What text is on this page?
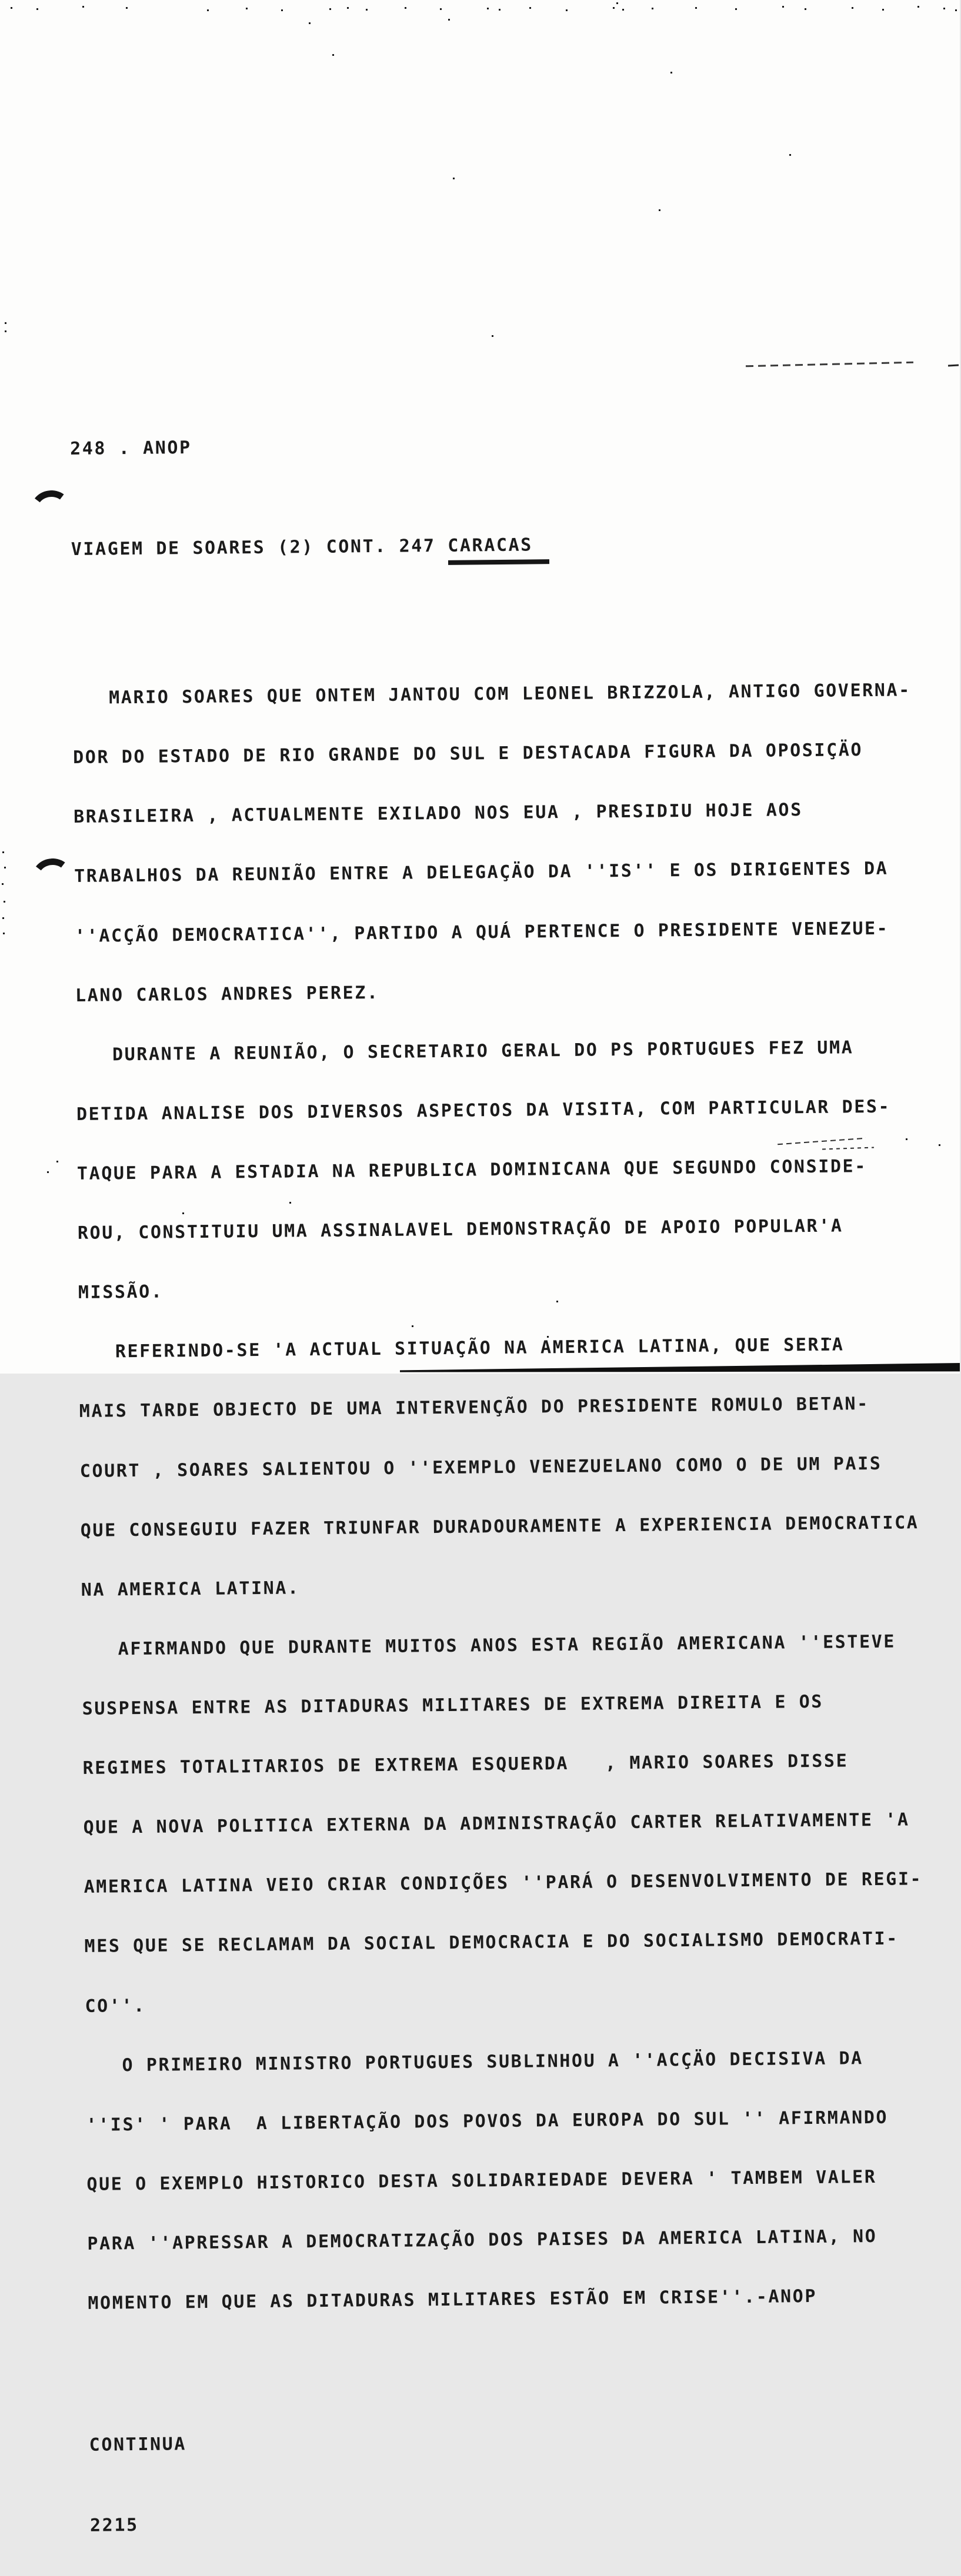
248 . ANOP

VIAGEM DE SOARES (2) CONT. 247 CARACAS

MARIO SOARES QUE ONTEM JANTOU COM LEONEL BRIZZOLA, ANTIGO GOVERNA-

DOR DO ESTADO DE RIO GRANDE DO SUL E DESTACADA FIGURA DA OPOSIÇÄO

BRASILEIRA , ACTUALMENTE EXILADO NOS EUA , PRESIDIU HOJE AOS

TRABALHOS DA REUNIÃO ENTRE A DELEGAÇÄO DA ''IS'' E OS DIRIGENTES DA

''ACÇÃO DEMOCRATICA'', PARTIDO A QUÁ PERTENCE O PRESIDENTE VENEZUE-

LANO CARLOS ANDRES PEREZ.

DURANTE A REUNIÃO, O SECRETARIO GERAL DO PS PORTUGUES FEZ UMA

DETIDA ANALISE DOS DIVERSOS ASPECTOS DA VISITA, COM PARTICULAR DES-

TAQUE PARA A ESTADIA NA REPUBLICA DOMINICANA QUE SEGUNDO CONSIDE-

ROU, CONSTITUIU UMA ASSINALAVEL DEMONSTRAÇÃO DE APOIO POPULAR'A

MISSÃO.

REFERINDO-SE 'A ACTUAL SITUAÇÃO NA AMERICA LATINA, QUE SERIA

MAIS TARDE OBJECTO DE UMA INTERVENÇÃO DO PRESIDENTE ROMULO BETAN-

COURT , SOARES SALIENTOU O ''EXEMPLO VENEZUELANO COMO O DE UM PAIS

QUE CONSEGUIU FAZER TRIUNFAR DURADOURAMENTE A EXPERIENCIA DEMOCRATICA

NA AMERICA LATINA.

AFIRMANDO QUE DURANTE MUITOS ANOS ESTA REGIÃO AMERICANA ''ESTEVE

SUSPENSA ENTRE AS DITADURAS MILITARES DE EXTREMA DIREITA E OS

REGIMES TOTALITARIOS DE EXTREMA ESQUERDA   , MARIO SOARES DISSE

QUE A NOVA POLITICA EXTERNA DA ADMINISTRAÇÃO CARTER RELATIVAMENTE 'A

AMERICA LATINA VEIO CRIAR CONDIÇÕES ''PARÁ O DESENVOLVIMENTO DE REGI-

MES QUE SE RECLAMAM DA SOCIAL DEMOCRACIA E DO SOCIALISMO DEMOCRATI-

CO''.

O PRIMEIRO MINISTRO PORTUGUES SUBLINHOU A ''ACÇÄO DECISIVA DA

''IS' ' PARA  A LIBERTAÇÃO DOS POVOS DA EUROPA DO SUL '' AFIRMANDO

QUE O EXEMPLO HISTORICO DESTA SOLIDARIEDADE DEVERA ' TAMBEM VALER

PARA ''APRESSAR A DEMOCRATIZAÇÃO DOS PAISES DA AMERICA LATINA, NO

MOMENTO EM QUE AS DITADURAS MILITARES ESTÃO EM CRISE''.-ANOP

CONTINUA

2215
